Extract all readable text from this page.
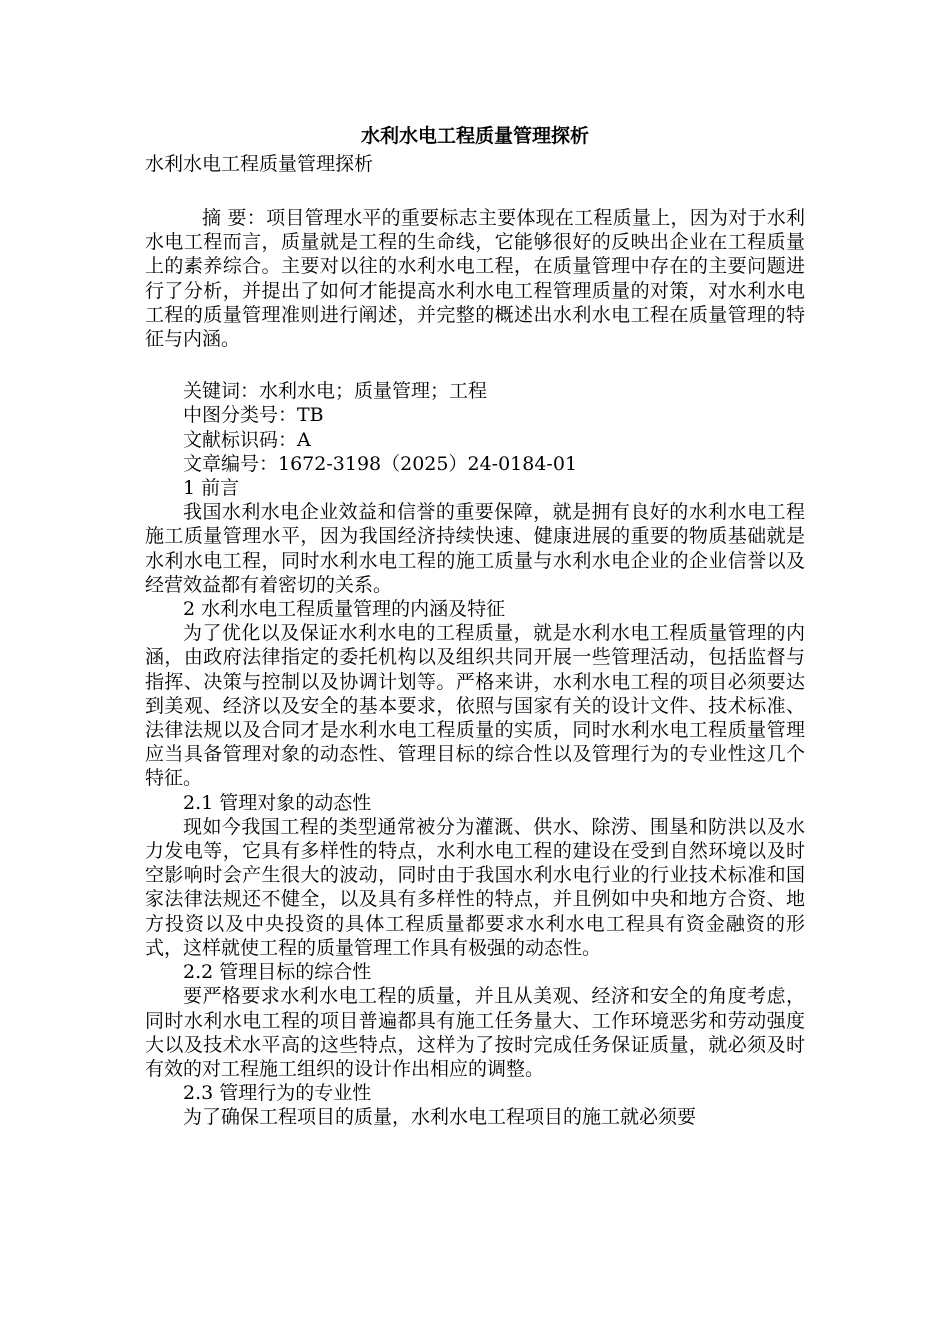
水利水电工程质量管理探析

水利水电工程质量管理探析

摘 要：项目管理水平的重要标志主要体现在工程质量上，因为对于水利水电工程而言，质量就是工程的生命线，它能够很好的反映出企业在工程质量上的素养综合。主要对以往的水利水电工程，在质量管理中存在的主要问题进行了分析，并提出了如何才能提高水利水电工程管理质量的对策，对水利水电工程的质量管理准则进行阐述，并完整的概述出水利水电工程在质量管理的特征与内涵。

关键词：水利水电；质量管理；工程

中图分类号：TB

文献标识码：A

文章编号：1672-3198（2025）24-0184-01

1 前言

我国水利水电企业效益和信誉的重要保障，就是拥有良好的水利水电工程施工质量管理水平，因为我国经济持续快速、健康进展的重要的物质基础就是水利水电工程，同时水利水电工程的施工质量与水利水电企业的企业信誉以及经营效益都有着密切的关系。

2 水利水电工程质量管理的内涵及特征

为了优化以及保证水利水电的工程质量，就是水利水电工程质量管理的内涵，由政府法律指定的委托机构以及组织共同开展一些管理活动，包括监督与指挥、决策与控制以及协调计划等。严格来讲，水利水电工程的项目必须要达到美观、经济以及安全的基本要求，依照与国家有关的设计文件、技术标准、法律法规以及合同才是水利水电工程质量的实质，同时水利水电工程质量管理应当具备管理对象的动态性、管理目标的综合性以及管理行为的专业性这几个特征。

2.1 管理对象的动态性

现如今我国工程的类型通常被分为灌溉、供水、除涝、围垦和防洪以及水力发电等，它具有多样性的特点，水利水电工程的建设在受到自然环境以及时空影响时会产生很大的波动，同时由于我国水利水电行业的行业技术标准和国家法律法规还不健全，以及具有多样性的特点，并且例如中央和地方合资、地方投资以及中央投资的具体工程质量都要求水利水电工程具有资金融资的形式，这样就使工程的质量管理工作具有极强的动态性。

2.2 管理目标的综合性

要严格要求水利水电工程的质量，并且从美观、经济和安全的角度考虑，同时水利水电工程的项目普遍都具有施工任务量大、工作环境恶劣和劳动强度大以及技术水平高的这些特点，这样为了按时完成任务保证质量，就必须及时有效的对工程施工组织的设计作出相应的调整。

2.3 管理行为的专业性

为了确保工程项目的质量，水利水电工程项目的施工就必须要
